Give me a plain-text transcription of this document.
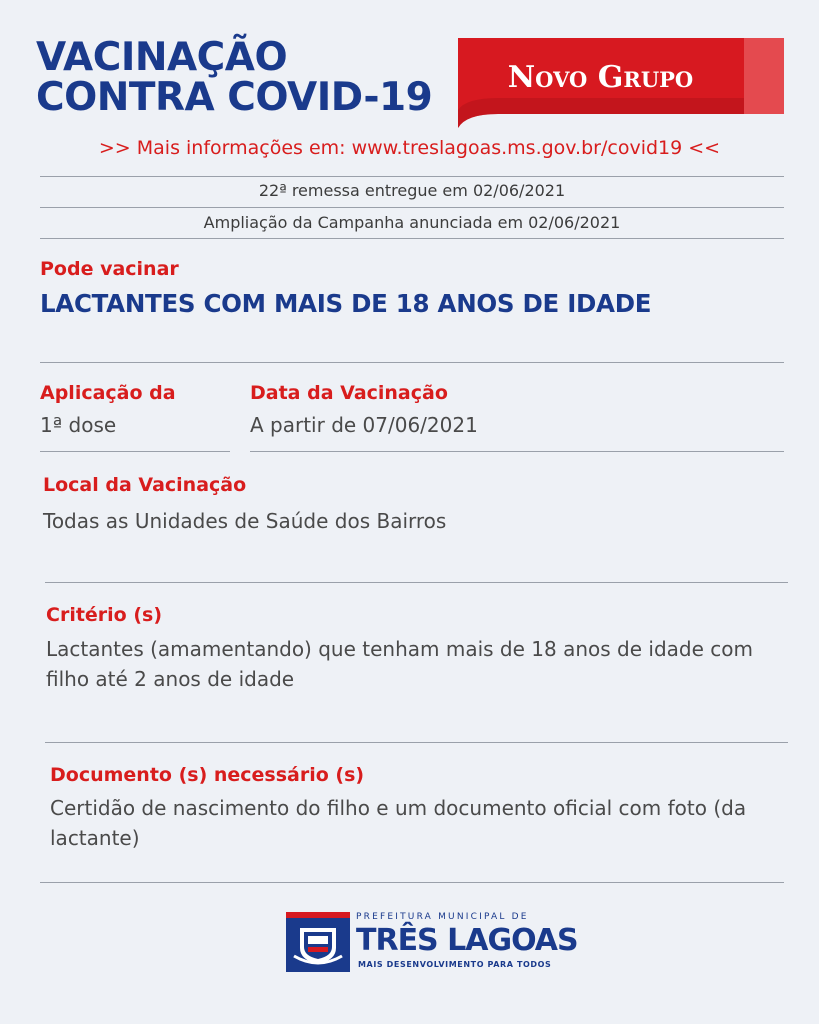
VACINAÇÃO
CONTRA COVID-19	Novo Grupo
>> Mais informações em: www.treslagoas.ms.gov.br/covid19 <<
22ª remessa entregue em 02/06/2021
Ampliação da Campanha anunciada em 02/06/2021
Pode vacinar
LACTANTES COM MAIS DE 18 ANOS DE IDADE
Aplicação da
1ª dose
Data da Vacinação
A partir de 07/06/2021
Local da Vacinação
Todas as Unidades de Saúde dos Bairros
Critério (s)
Lactantes (amamentando) que tenham mais de 18 anos de idade com filho até 2 anos de idade
Documento (s) necessário (s)
Certidão de nascimento do filho e um documento oficial com foto (da lactante)
PREFEITURA MUNICIPAL DE
TRÊS LAGOAS
MAIS DESENVOLVIMENTO PARA TODOS
